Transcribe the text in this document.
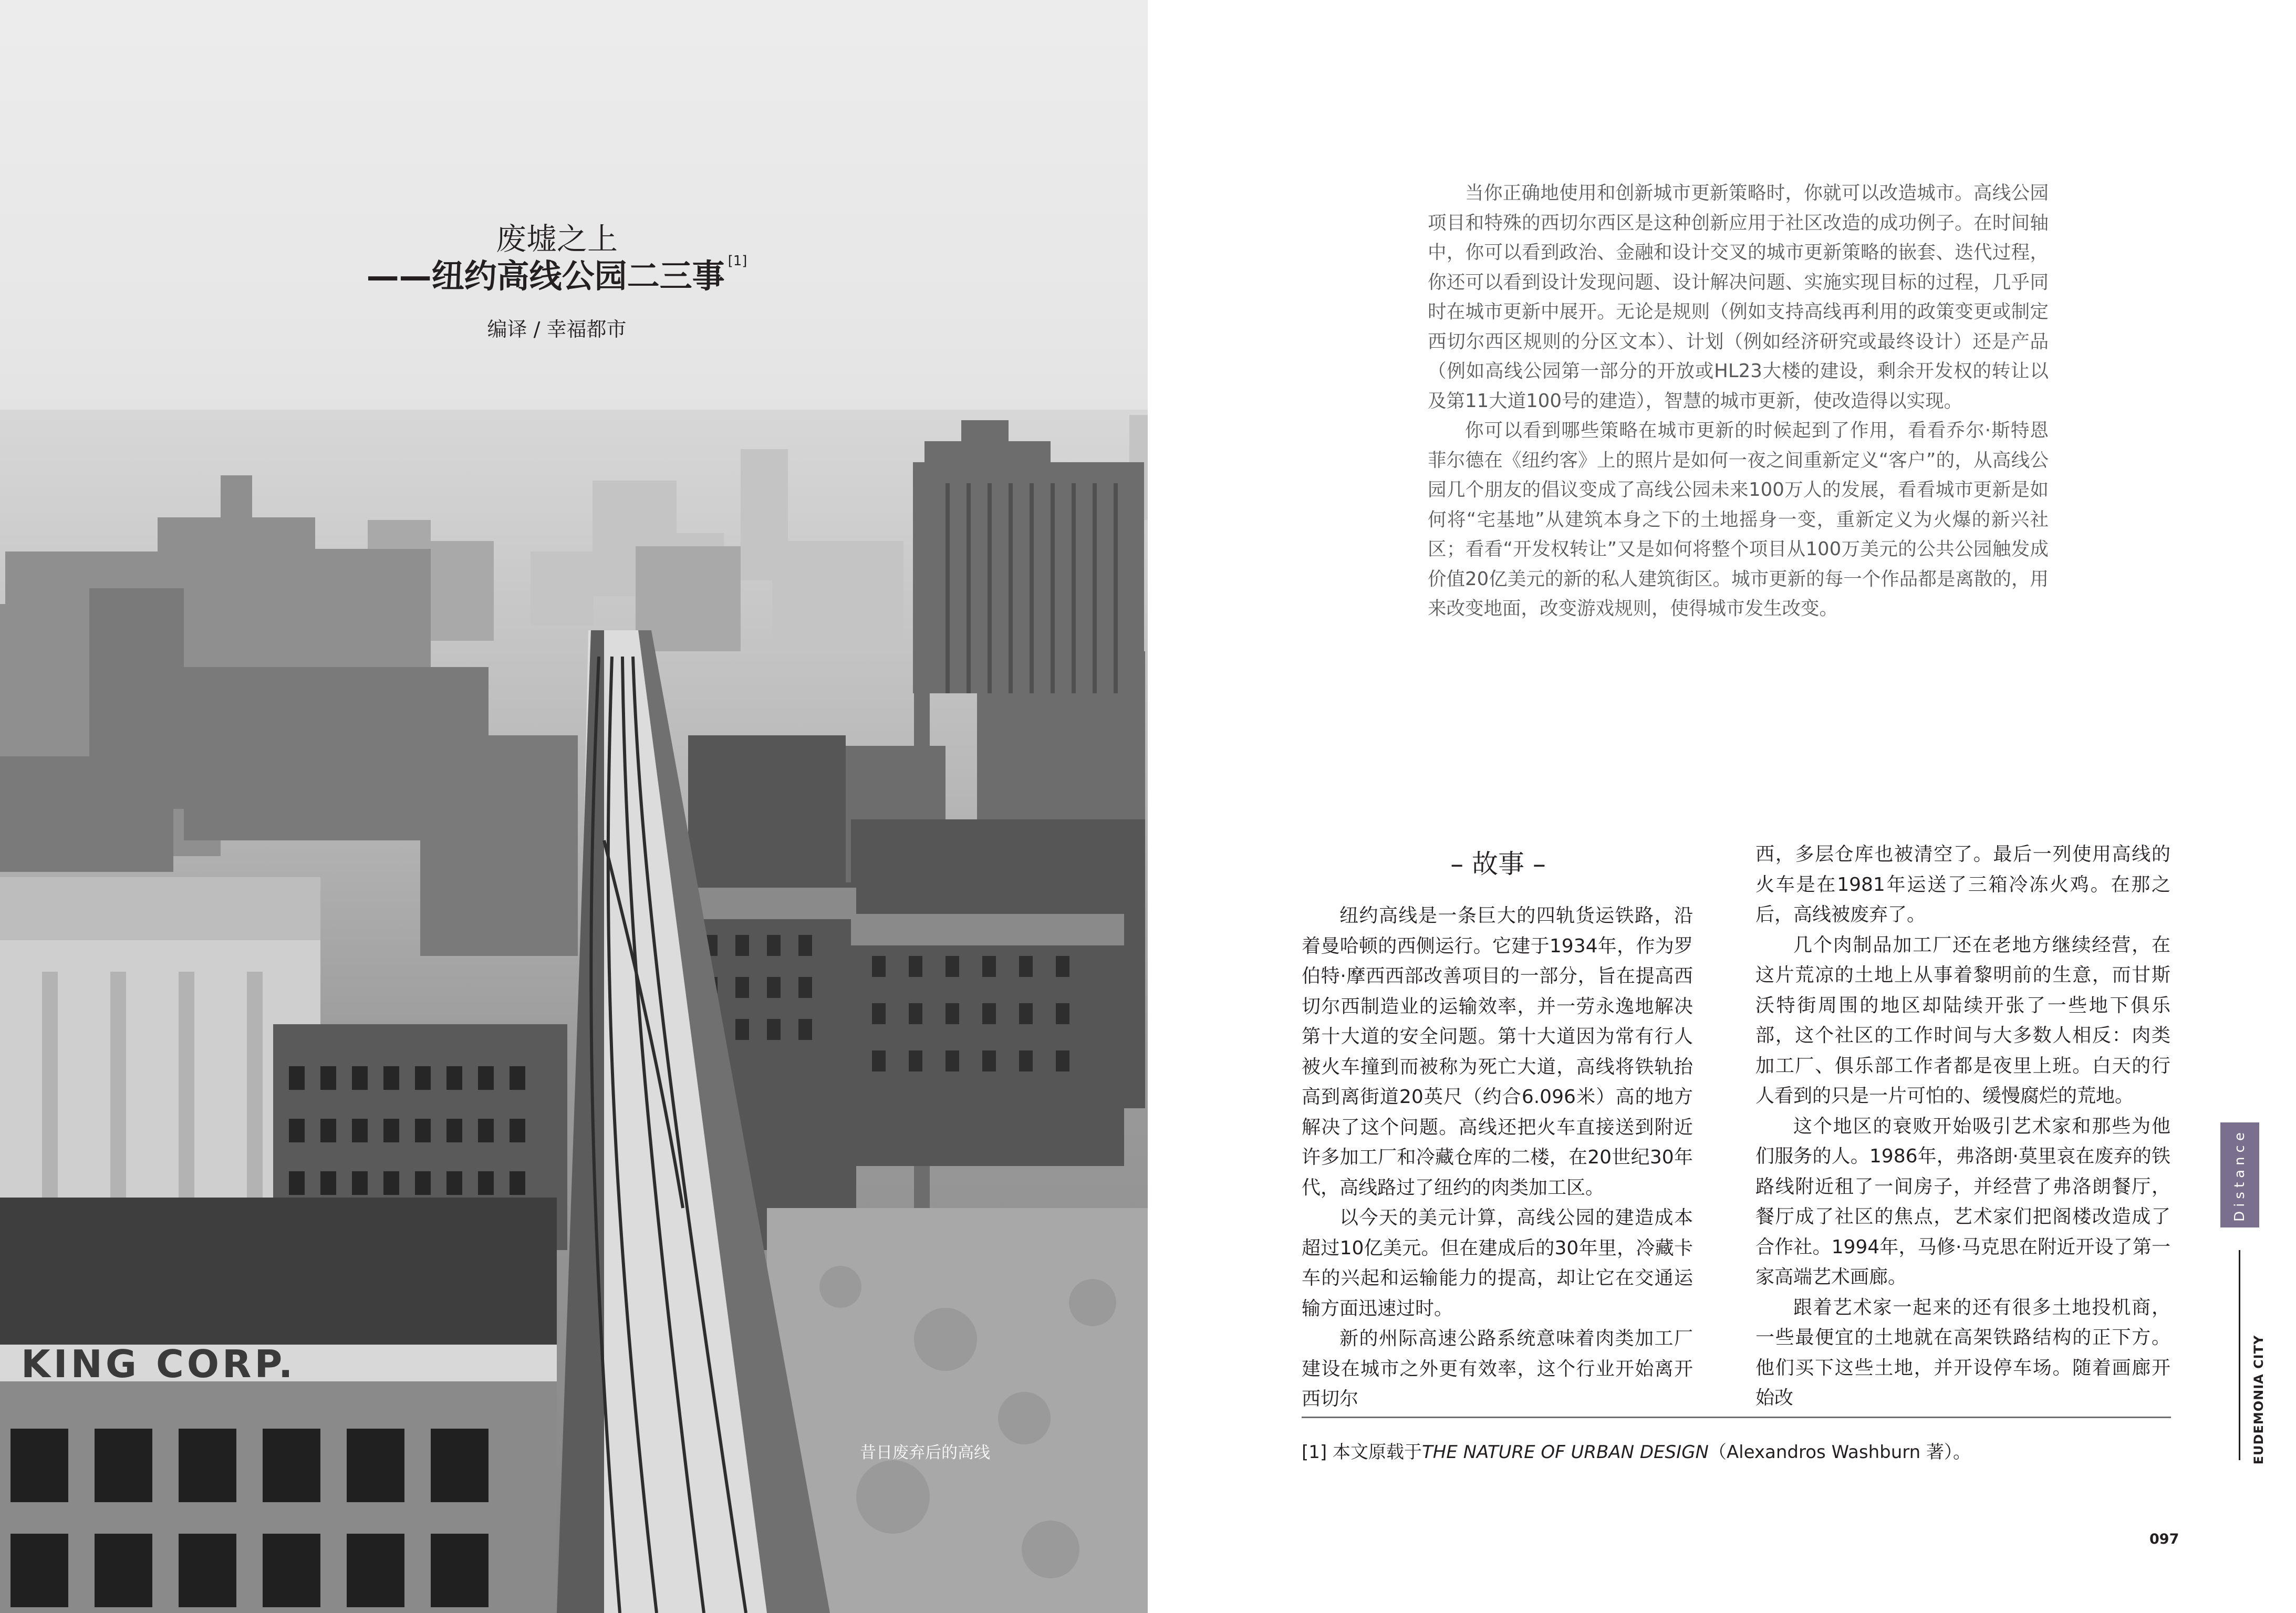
KING CORP.
废墟之上
——纽约高线公园二三事 [1]
编译 / 幸福都市
昔日废弃后的高线

当你正确地使用和创新城市更新策略时，你就可以改造城市。高线公园项目和特殊的西切尔西区是这种创新应用于社区改造的成功例子。在时间轴中，你可以看到政治、金融和设计交叉的城市更新策略的嵌套、迭代过程，你还可以看到设计发现问题、设计解决问题、实施实现目标的过程，几乎同时在城市更新中展开。无论是规则（例如支持高线再利用的政策变更或制定西切尔西区规则的分区文本）、计划（例如经济研究或最终设计）还是产品（例如高线公园第一部分的开放或HL23大楼的建设，剩余开发权的转让以及第11大道100号的建造），智慧的城市更新，使改造得以实现。

你可以看到哪些策略在城市更新的时候起到了作用，看看乔尔·斯特恩菲尔德在《纽约客》上的照片是如何一夜之间重新定义“客户”的，从高线公园几个朋友的倡议变成了高线公园未来100万人的发展，看看城市更新是如何将“宅基地”从建筑本身之下的土地摇身一变，重新定义为火爆的新兴社区；看看“开发权转让”又是如何将整个项目从100万美元的公共公园触发成价值20亿美元的新的私人建筑街区。城市更新的每一个作品都是离散的，用来改变地面，改变游戏规则，使得城市发生改变。

– 故事 –

纽约高线是一条巨大的四轨货运铁路，沿着曼哈顿的西侧运行。它建于1934年，作为罗伯特·摩西西部改善项目的一部分，旨在提高西切尔西制造业的运输效率，并一劳永逸地解决第十大道的安全问题。第十大道因为常有行人被火车撞到而被称为死亡大道，高线将铁轨抬高到离街道20英尺（约合6.096米）高的地方解决了这个问题。高线还把火车直接送到附近许多加工厂和冷藏仓库的二楼，在20世纪30年代，高线路过了纽约的肉类加工区。

以今天的美元计算，高线公园的建造成本超过10亿美元。但在建成后的30年里，冷藏卡车的兴起和运输能力的提高，却让它在交通运输方面迅速过时。

新的州际高速公路系统意味着肉类加工厂建设在城市之外更有效率，这个行业开始离开西切尔

西，多层仓库也被清空了。最后一列使用高线的火车是在1981年运送了三箱冷冻火鸡。在那之后，高线被废弃了。

几个肉制品加工厂还在老地方继续经营，在这片荒凉的土地上从事着黎明前的生意，而甘斯沃特街周围的地区却陆续开张了一些地下俱乐部，这个社区的工作时间与大多数人相反：肉类加工厂、俱乐部工作者都是夜里上班。白天的行人看到的只是一片可怕的、缓慢腐烂的荒地。

这个地区的衰败开始吸引艺术家和那些为他们服务的人。1986年，弗洛朗·莫里哀在废弃的铁路线附近租了一间房子，并经营了弗洛朗餐厅，餐厅成了社区的焦点，艺术家们把阁楼改造成了合作社。1994年，马修·马克思在附近开设了第一家高端艺术画廊。

跟着艺术家一起来的还有很多土地投机商，一些最便宜的土地就在高架铁路结构的正下方。他们买下这些土地，并开设停车场。随着画廊开始改

[1] 本文原载于THE NATURE OF URBAN DESIGN（Alexandros Washburn 著）。
Distance
EUDEMONIA CITY
097
